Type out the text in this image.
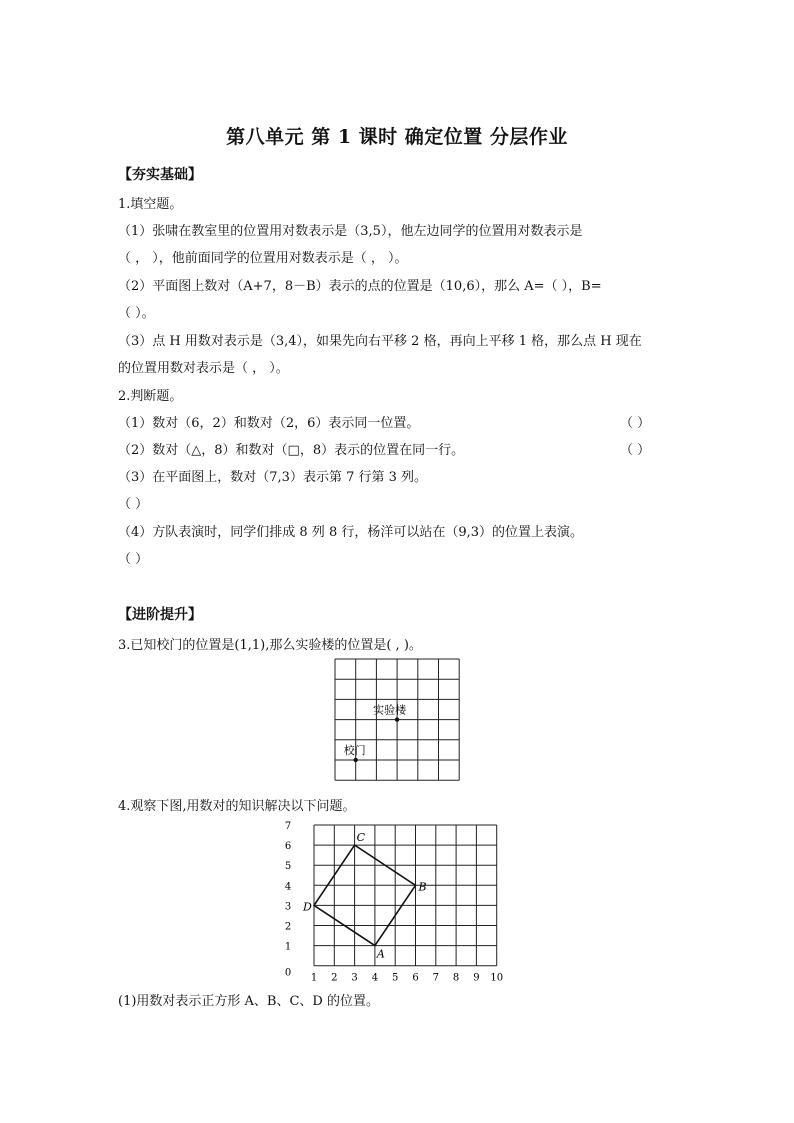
第八单元 第 1 课时 确定位置 分层作业
【夯实基础】
1.填空题。
（1）张啸在教室里的位置用对数表示是（3,5），他左边同学的位置用对数表示是
（ ， ），他前面同学的位置用对数表示是（ ， ）。
（2）平面图上数对（A+7，8－B）表示的点的位置是（10,6），那么 A=（ ），B=
（ ）。
（3）点 H 用数对表示是（3,4），如果先向右平移 2 格，再向上平移 1 格，那么点 H 现在
的位置用数对表示是（ ， ）。
2.判断题。
（1）数对（6，2）和数对（2，6）表示同一位置。	（ ）
（2）数对（△，8）和数对（□，8）表示的位置在同一行。	（ ）
（3）在平面图上，数对（7,3）表示第 7 行第 3 列。
（ ）
（4）方队表演时，同学们排成 8 列 8 行，杨洋可以站在（9,3）的位置上表演。
（ ）
【进阶提升】
3.已知校门的位置是(1,1),那么实验楼的位置是( , )。
校门
实验楼
4.观察下图,用数对的知识解决以下问题。
1 2 3 4 5 6 7 8 9 10
0
1
2
3
4
5
6
7
A
B
C
D
(1)用数对表示正方形 A、B、C、D 的位置。
